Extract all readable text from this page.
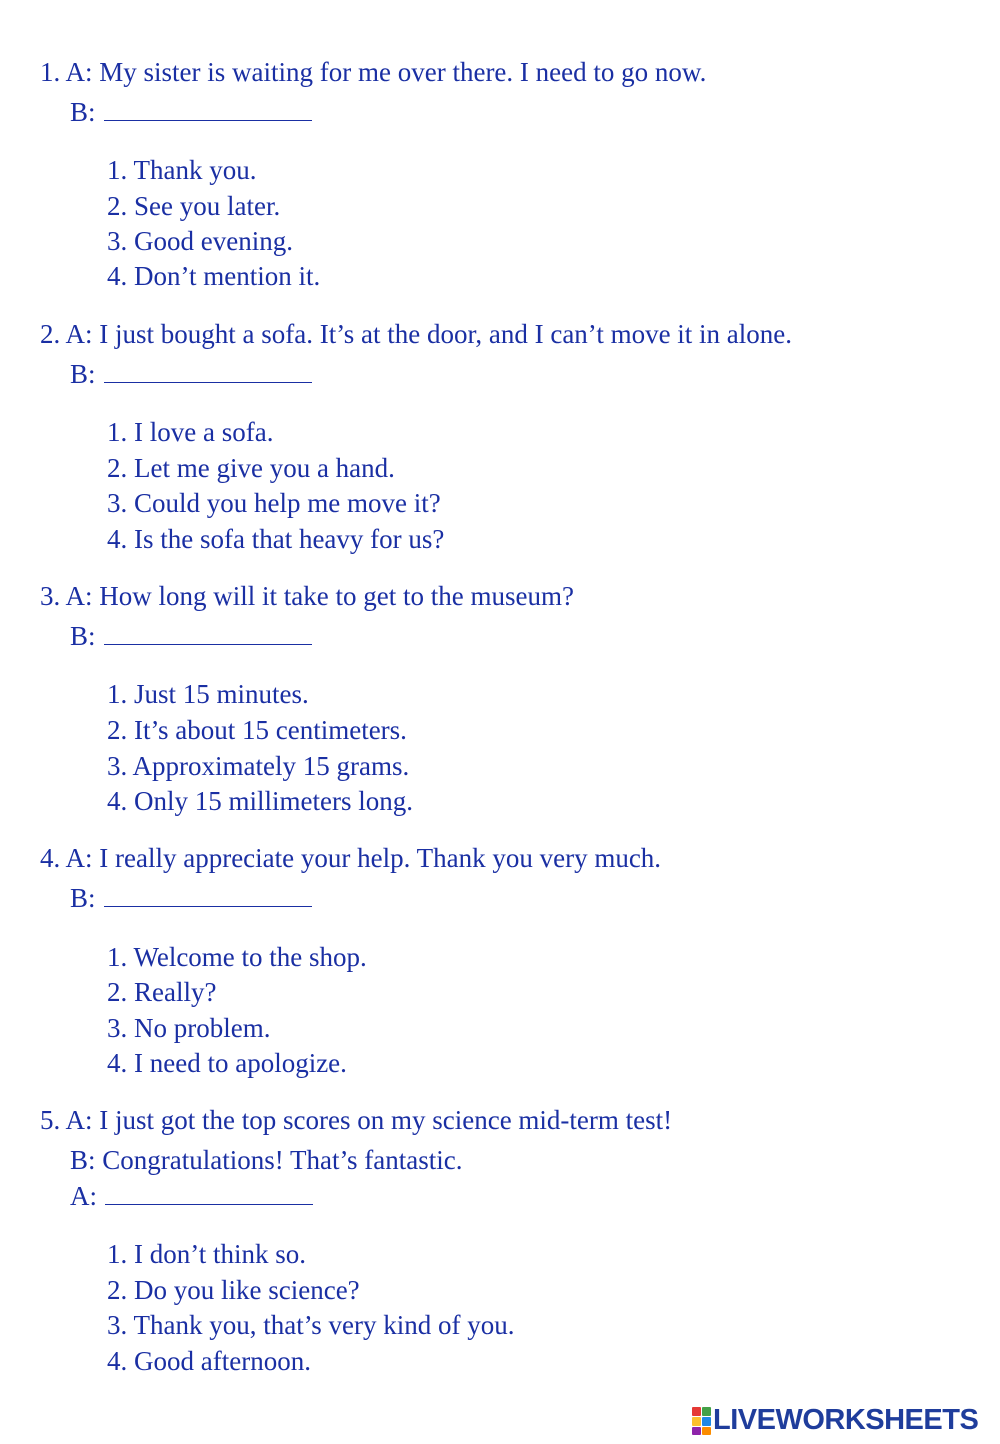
1. A: My sister is waiting for me over there. I need to go now.
B:
1. Thank you.
2. See you later.
3. Good evening.
4. Don’t mention it.
2. A: I just bought a sofa. It’s at the door, and I can’t move it in alone.
B:
1. I love a sofa.
2. Let me give you a hand.
3. Could you help me move it?
4. Is the sofa that heavy for us?
3. A: How long will it take to get to the museum?
B:
1. Just 15 minutes.
2. It’s about 15 centimeters.
3. Approximately 15 grams.
4. Only 15 millimeters long.
4. A: I really appreciate your help. Thank you very much.
B:
1. Welcome to the shop.
2. Really?
3. No problem.
4. I need to apologize.
5. A: I just got the top scores on my science mid-term test!
B: Congratulations! That’s fantastic.
A:
1. I don’t think so.
2. Do you like science?
3. Thank you, that’s very kind of you.
4. Good afternoon.
LIVEWORKSHEETS
